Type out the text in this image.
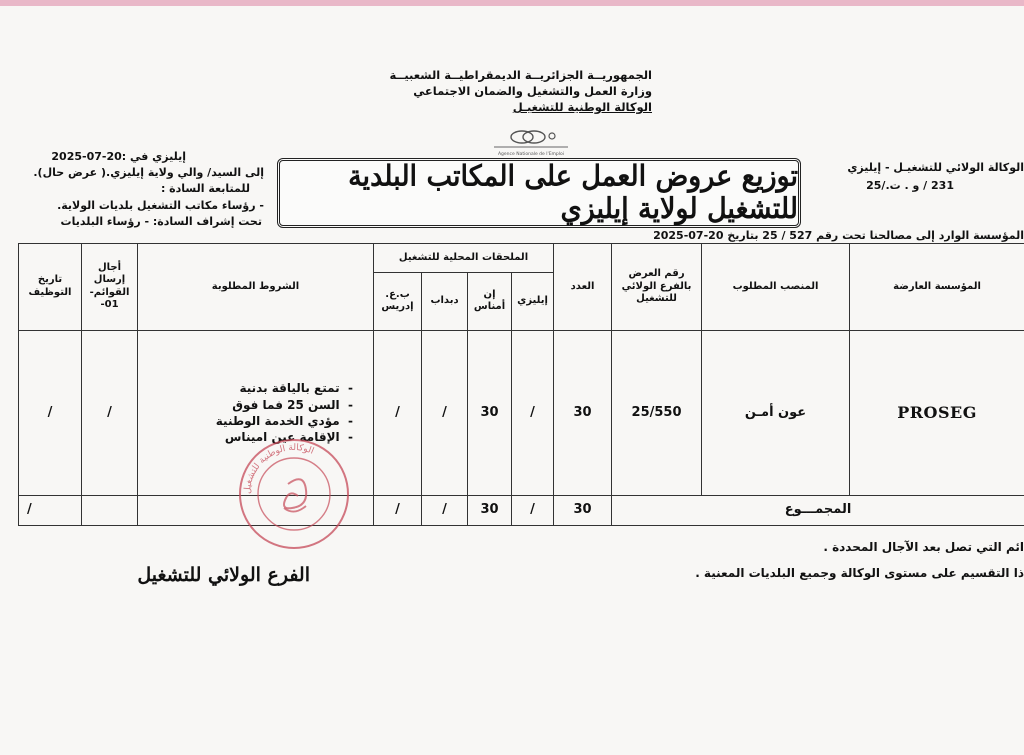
الجمهوريــة الجزائريــة الديمقراطيــة الشعبيــة
وزارة العمل والتشغيل والضمان الاجتماعي
الوكالة الوطنية للتشغيـل
Agence Nationale de l'Emploi
إيليزي في :20-07-2025
إلى السيد/ والي ولاية إيليزي.( عرض حال).
للمتابعة السادة :
- رؤساء مكاتب التشغيل بلديات الولاية.
تحت إشراف السادة: - رؤساء البلديات
الوكالة الولائي للتشغيـل - إيليزي
231 / و . ت./25
توزيع عروض العمل على المكاتب البلدية للتشغيل لولاية إيليزي
المؤسسة الوارد إلى مصالحنا تحت رقم 527 / 25 بتاريخ 20-07-2025
المؤسسة العارضة	المنصب المطلوب	رقم العرض بالفرع الولائي للتشغيل	العدد	الملحقات المحلية للتشغيل				الشروط المطلوبة	أجال إرسال القوائم- 01-	تاريخ التوظيف
				إيليزي	إن أمناس	دبداب	ب.ع. إدريس			
PROSEG	عون أمـن	25/550	30	/	30	/	/	-  تمتع بالياقة بدنية
-  السن 25 فما فوق
-  مؤدي الخدمة الوطنية
-  الإقامة عين اميناس	/	/
المجمـــوع			30	/	30	/	/			/
الوكالة الوطنية للتشغيل
ائم التي تصل بعد الآجال المحددة .
ذا التقسيم على مستوى الوكالة وجميع البلديات المعنية .
الفرع الولائي للتشغيل
